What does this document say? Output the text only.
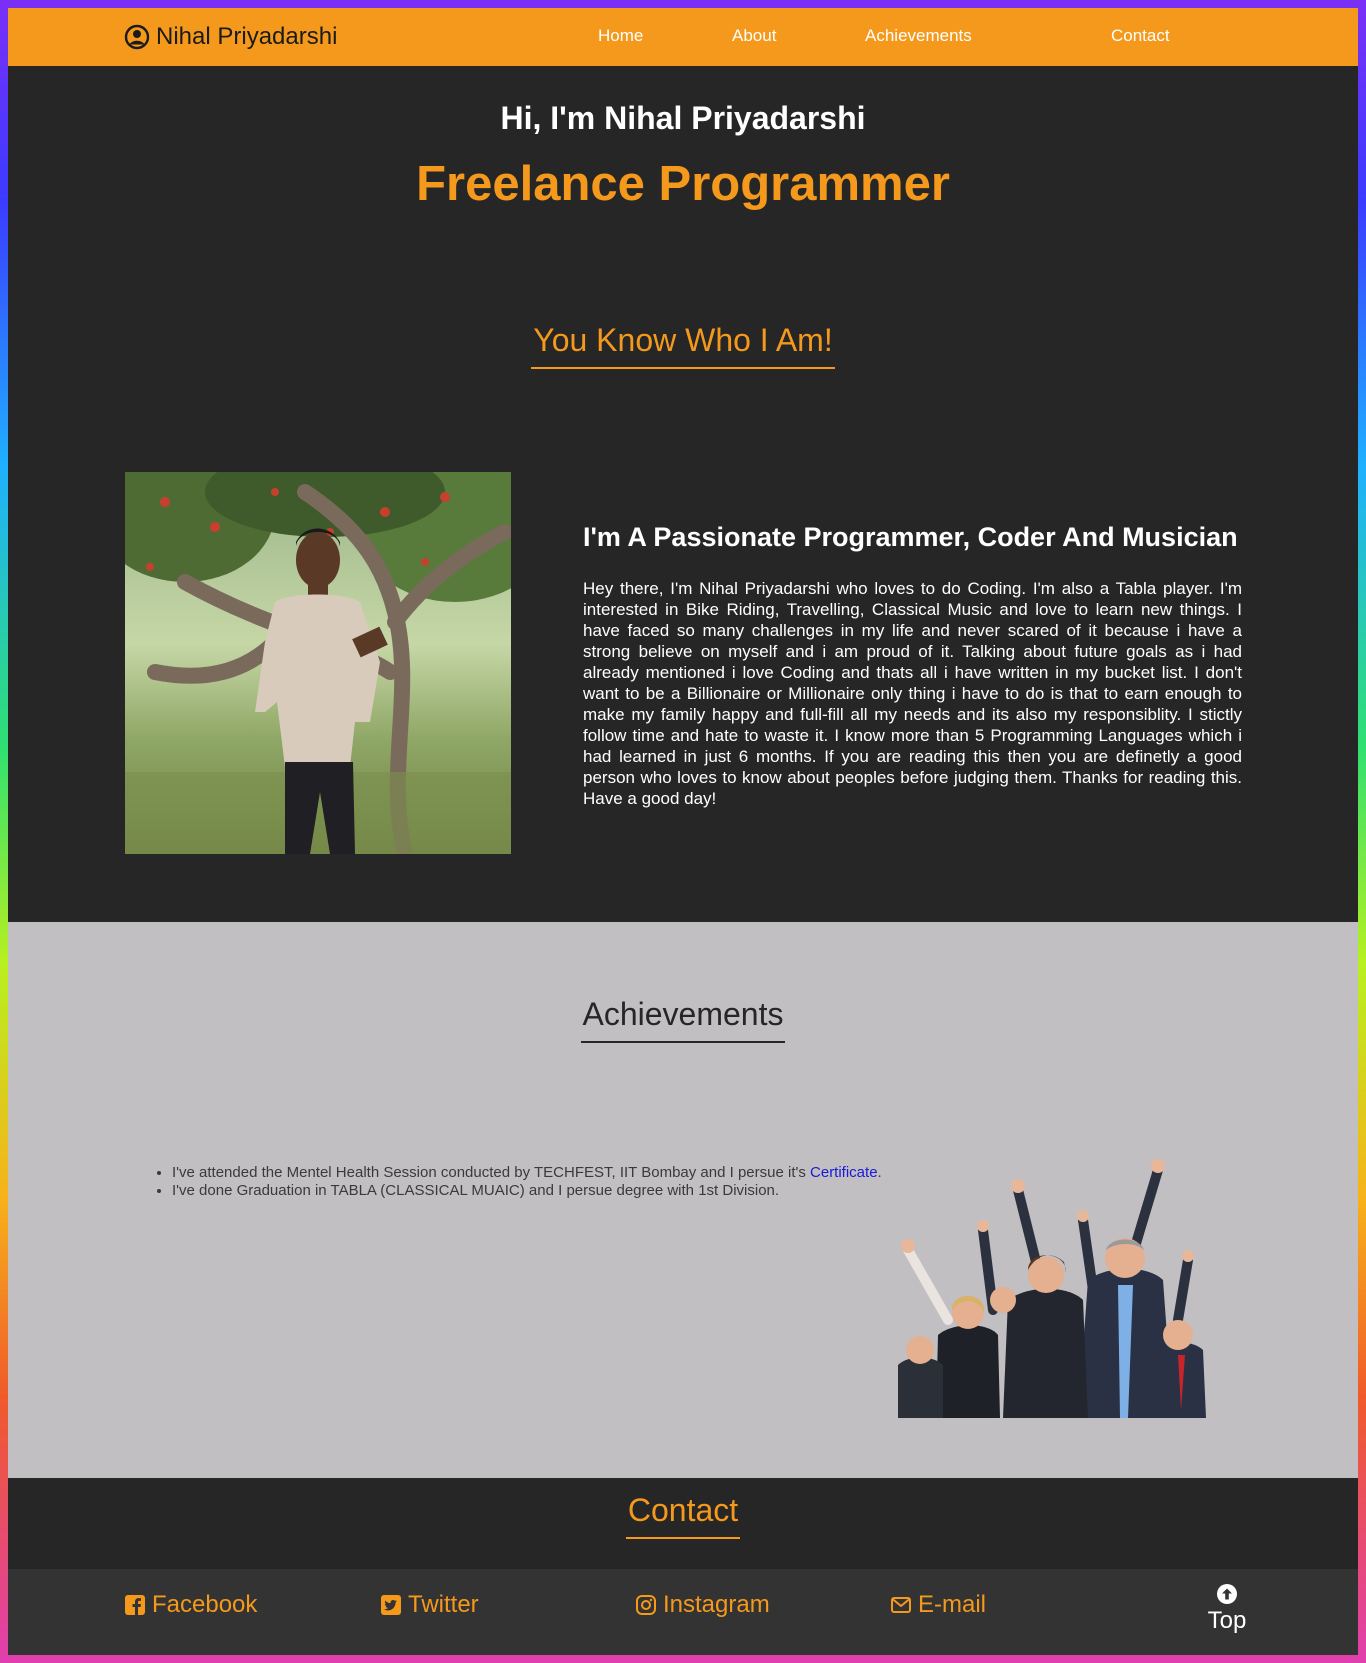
Nihal Priyadarshi	Home	About	Achievements	Contact
Hi, I'm Nihal Priyadarshi
Freelance Programmer
You Know Who I Am!
I'm A Passionate Programmer, Coder And Musician

Hey there, I'm Nihal Priyadarshi who loves to do Coding. I'm also a Tabla player. I'm interested in Bike Riding, Travelling, Classical Music and love to learn new things. I have faced so many challenges in my life and never scared of it because i have a strong believe on myself and i am proud of it. Talking about future goals as i had already mentioned i love Coding and thats all i have written in my bucket list. I don't want to be a Billionaire or Millionaire only thing i have to do is that to earn enough to make my family happy and full-fill all my needs and its also my responsiblity. I stictly follow time and hate to waste it. I know more than 5 Programming Languages which i had learned in just 6 months. If you are reading this then you are definetly a good person who loves to know about peoples before judging them. Thanks for reading this. Have a good day!

Achievements
• I've attended the Mentel Health Session conducted by TECHFEST, IIT Bombay and I persue it's Certificate.
• I've done Graduation in TABLA (CLASSICAL MUAIC) and I persue degree with 1st Division.
Contact
Facebook	Twitter	Instagram	E-mail
Top
